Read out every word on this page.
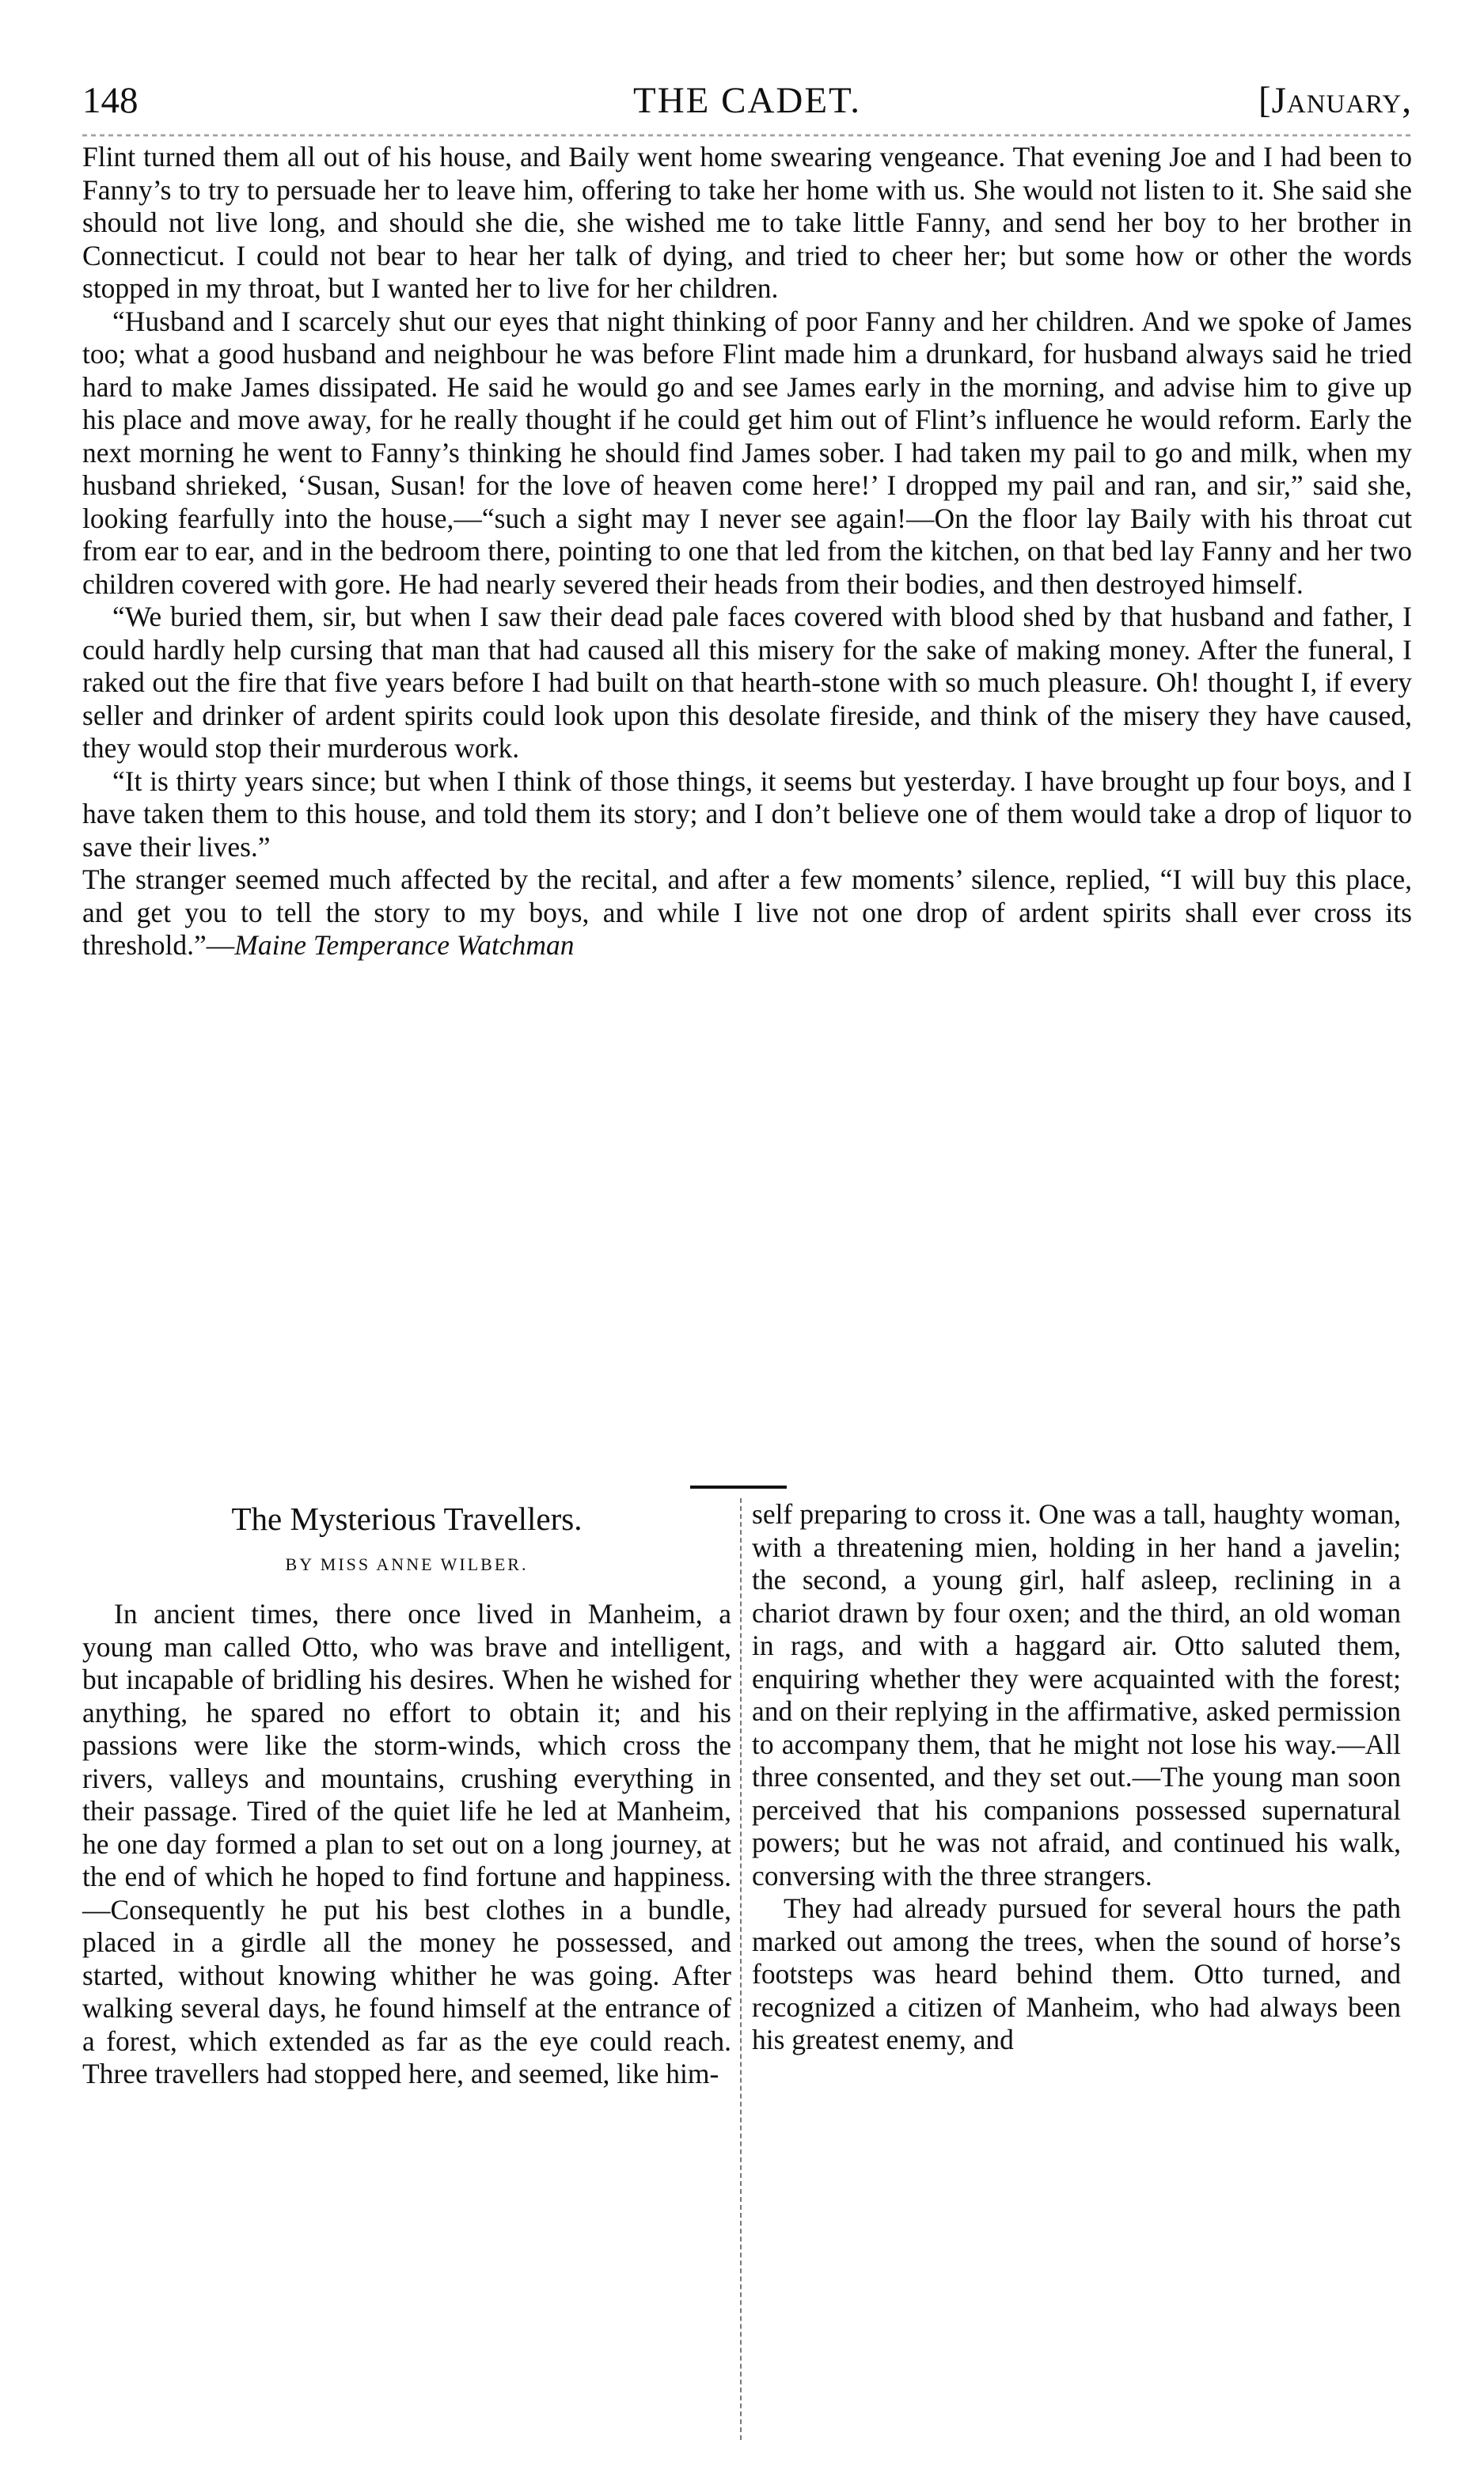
148	THE CADET.	[January,

Flint turned them all out of his house, and Baily went home swearing vengeance. That evening Joe and I had been to Fanny’s to try to persuade her to leave him, offering to take her home with us. She would not listen to it. She said she should not live long, and should she die, she wished me to take little Fanny, and send her boy to her brother in Connecticut. I could not bear to hear her talk of dying, and tried to cheer her; but some how or other the words stopped in my throat, but I wanted her to live for her children.

“Husband and I scarcely shut our eyes that night thinking of poor Fanny and her children. And we spoke of James too; what a good husband and neighbour he was before Flint made him a drunkard, for husband always said he tried hard to make James dissipated. He said he would go and see James early in the morning, and advise him to give up his place and move away, for he really thought if he could get him out of Flint’s influence he would reform. Early the next morning he went to Fanny’s thinking he should find James sober. I had taken my pail to go and milk, when my husband shrieked, ‘Susan, Susan! for the love of heaven come here!’ I dropped my pail and ran, and sir,” said she, looking fearfully into the house,—“such a sight may I never see again!—On the floor lay Baily with his throat cut from ear to ear, and in the bedroom there, pointing to one that led from the kitchen, on that bed lay Fanny and her two children covered with gore. He had nearly severed their heads from their bodies, and then destroyed himself.

“We buried them, sir, but when I saw their dead pale faces covered with blood shed by that husband and father, I could hardly help cursing that man that had caused all this misery for the sake of making money. After the funeral, I raked out the fire that five years before I had built on that hearth-stone with so much pleasure. Oh! thought I, if every seller and drinker of ardent spirits could look upon this desolate fireside, and think of the misery they have caused, they would stop their murderous work.

“It is thirty years since; but when I think of those things, it seems but yesterday. I have brought up four boys, and I have taken them to this house, and told them its story; and I don’t believe one of them would take a drop of liquor to save their lives.”

The stranger seemed much affected by the recital, and after a few moments’ silence, replied, “I will buy this place, and get you to tell the story to my boys, and while I live not one drop of ardent spirits shall ever cross its threshold.”—Maine Temperance Watchman

The Mysterious Travellers.
BY MISS ANNE WILBER.

In ancient times, there once lived in Manheim, a young man called Otto, who was brave and intelligent, but incapable of bridling his desires. When he wished for anything, he spared no effort to obtain it; and his passions were like the storm-winds, which cross the rivers, valleys and mountains, crushing everything in their passage. Tired of the quiet life he led at Manheim, he one day formed a plan to set out on a long journey, at the end of which he hoped to find fortune and happiness.—Consequently he put his best clothes in a bundle, placed in a girdle all the money he possessed, and started, without knowing whither he was going. After walking several days, he found himself at the entrance of a forest, which extended as far as the eye could reach. Three travellers had stopped here, and seemed, like him-

self preparing to cross it. One was a tall, haughty woman, with a threatening mien, holding in her hand a javelin; the second, a young girl, half asleep, reclining in a chariot drawn by four oxen; and the third, an old woman in rags, and with a haggard air. Otto saluted them, enquiring whether they were acquainted with the forest; and on their replying in the affirmative, asked permission to accompany them, that he might not lose his way.—All three consented, and they set out.—The young man soon perceived that his companions possessed supernatural powers; but he was not afraid, and continued his walk, conversing with the three strangers.

They had already pursued for several hours the path marked out among the trees, when the sound of horse’s footsteps was heard behind them. Otto turned, and recognized a citizen of Manheim, who had always been his greatest enemy, and
